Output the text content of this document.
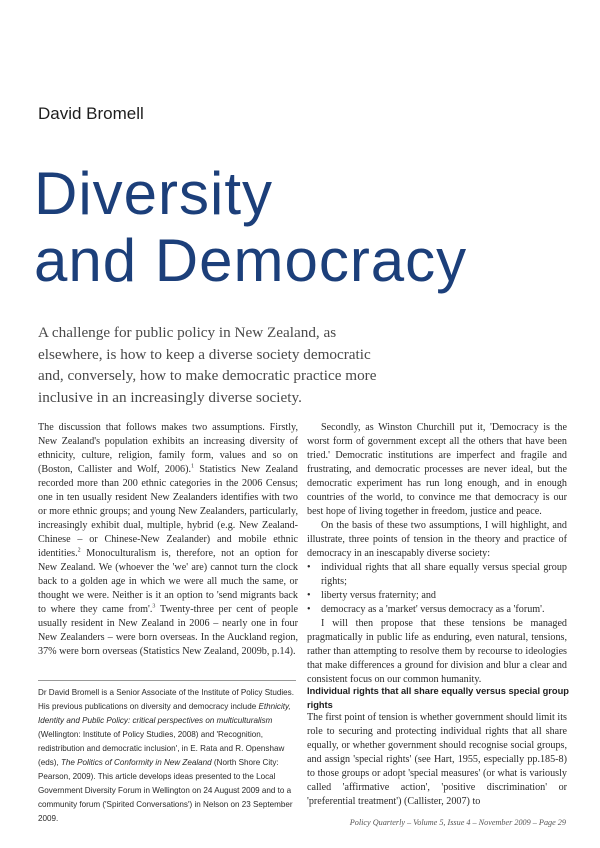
David Bromell
Diversity
and Democracy

A challenge for public policy in New Zealand, as elsewhere, is how to keep a diverse society democratic and, conversely, how to make democratic practice more inclusive in an increasingly diverse society.

The discussion that follows makes two assumptions. Firstly, New Zealand's population exhibits an increasing diversity of ethnicity, culture, religion, family form, values and so on (Boston, Callister and Wolf, 2006).$^1$ Statistics New Zealand recorded more than 200 ethnic categories in the 2006 Census; one in ten usually resident New Zealanders identifies with two or more ethnic groups; and young New Zealanders, particularly, increasingly exhibit dual, multiple, hybrid (e.g. New Zealand-Chinese – or Chinese-New Zealander) and mobile ethnic identities.$^2$ Monoculturalism is, therefore, not an option for New Zealand. We (whoever the 'we' are) cannot turn the clock back to a golden age in which we were all much the same, or thought we were. Neither is it an option to 'send migrants back to where they came from'.$^3$ Twenty-three per cent of people usually resident in New Zealand in 2006 – nearly one in four New Zealanders – were born overseas. In the Auckland region, 37% were born overseas (Statistics New Zealand, 2009b, p.14).

Secondly, as Winston Churchill put it, 'Democracy is the worst form of government except all the others that have been tried.' Democratic institutions are imperfect and fragile and frustrating, and democratic processes are never ideal, but the democratic experiment has run long enough, and in enough countries of the world, to convince me that democracy is our best hope of living together in freedom, justice and peace.

On the basis of these two assumptions, I will highlight, and illustrate, three points of tension in the theory and practice of democracy in an inescapably diverse society:

• individual rights that all share equally versus special group rights;
• liberty versus fraternity; and
• democracy as a 'market' versus democracy as a 'forum'.

I will then propose that these tensions be managed pragmatically in public life as enduring, even natural, tensions, rather than attempting to resolve them by recourse to ideologies that make differences a ground for division and blur a clear and consistent focus on our common humanity.

Dr David Bromell is a Senior Associate of the Institute of Policy Studies. His previous publications on diversity and democracy include Ethnicity, Identity and Public Policy: critical perspectives on multiculturalism (Wellington: Institute of Policy Studies, 2008) and 'Recognition, redistribution and democratic inclusion', in E. Rata and R. Openshaw (eds), The Politics of Conformity in New Zealand (North Shore City: Pearson, 2009). This article develops ideas presented to the Local Government Diversity Forum in Wellington on 24 August 2009 and to a community forum ('Spirited Conversations') in Nelson on 23 September 2009.

Individual rights that all share equally versus special group rights

The first point of tension is whether government should limit its role to securing and protecting individual rights that all share equally, or whether government should recognise social groups, and assign 'special rights' (see Hart, 1955, especially pp.185-8) to those groups or adopt 'special measures' (or what is variously called 'affirmative action', 'positive discrimination' or 'preferential treatment') (Callister, 2007) to

Policy Quarterly – Volume 5, Issue 4 – November 2009 – Page 29
